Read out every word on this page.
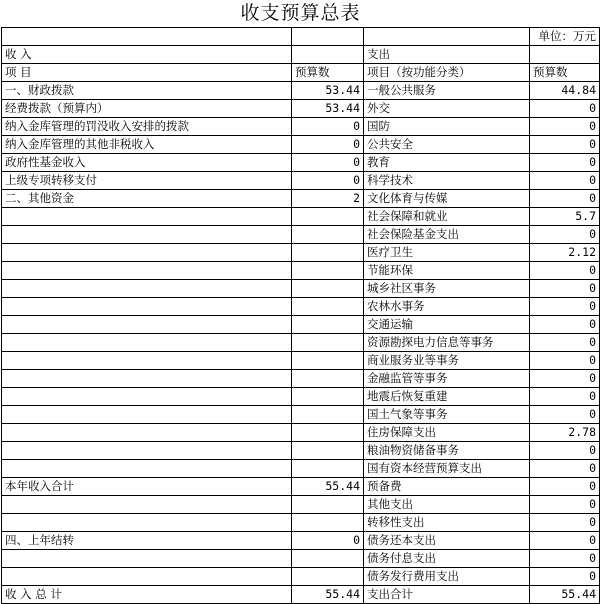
收支预算总表
			单位：万元
收 入		支出	
项 目	预算数	项目（按功能分类）	预算数
一、财政拨款	53.44	一般公共服务	44.84
经费拨款（预算内）	53.44	外交	0
纳入金库管理的罚没收入安排的拨款	0	国防	0
纳入金库管理的其他非税收入	0	公共安全	0
政府性基金收入	0	教育	0
上级专项转移支付	0	科学技术	0
二、其他资金	2	文化体育与传媒	0
		社会保障和就业	5.7
		社会保险基金支出	0
		医疗卫生	2.12
		节能环保	0
		城乡社区事务	0
		农林水事务	0
		交通运输	0
		资源勘探电力信息等事务	0
		商业服务业等事务	0
		金融监管等事务	0
		地震后恢复重建	0
		国土气象等事务	0
		住房保障支出	2.78
		粮油物资储备事务	0
		国有资本经营预算支出	0
本年收入合计	55.44	预备费	0
		其他支出	0
		转移性支出	0
四、上年结转	0	债务还本支出	0
		债务付息支出	0
		债务发行费用支出	0
收 入 总 计	55.44	支出合计	55.44
